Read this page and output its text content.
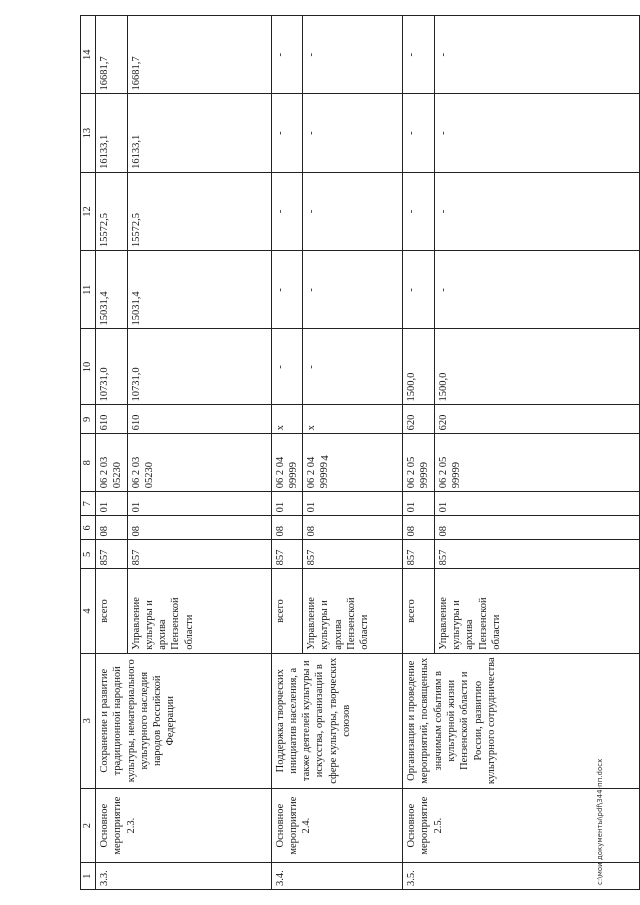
4
1	2	3	4	5	6	7	8	9	10	11	12	13	14
3.3.	Основное мероприятие 2.3.	Сохранение и развитие традиционной народной культуры, нематериального культурного наследия народов Российской Федерации	всего	857	08	01	06 2 03 05230	610	10731,0	15031,4	15572,5	16133,1	16681,7
			Управление культуры и архива Пензенской области	857	08	01	06 2 03 05230	610	10731,0	15031,4	15572,5	16133,1	16681,7
3.4.	Основное мероприятие 2.4.	Поддержка творческих инициатив населения, а также деятелей культуры и искусства, организаций в сфере культуры, творческих союзов	всего	857	08	01	06 2 04 99999	х	-	-	-	-	-
			Управление культуры и архива Пензенской области	857	08	01	06 2 04 99999	х	-	-	-	-	-
3.5.	Основное мероприятие 2.5.	Организация и проведение мероприятий, посвященных значимым событиям в культурной жизни Пензенской области и России, развитию культурного сотрудничества	всего	857	08	01	06 2 05 99999	620	1500,0	-	-	-	-
			Управление культуры и архива Пензенской области	857	08	01	06 2 05 99999	620	1500,0	-	-	-	-
c:\мои документы\pdf\344-пп.docx
